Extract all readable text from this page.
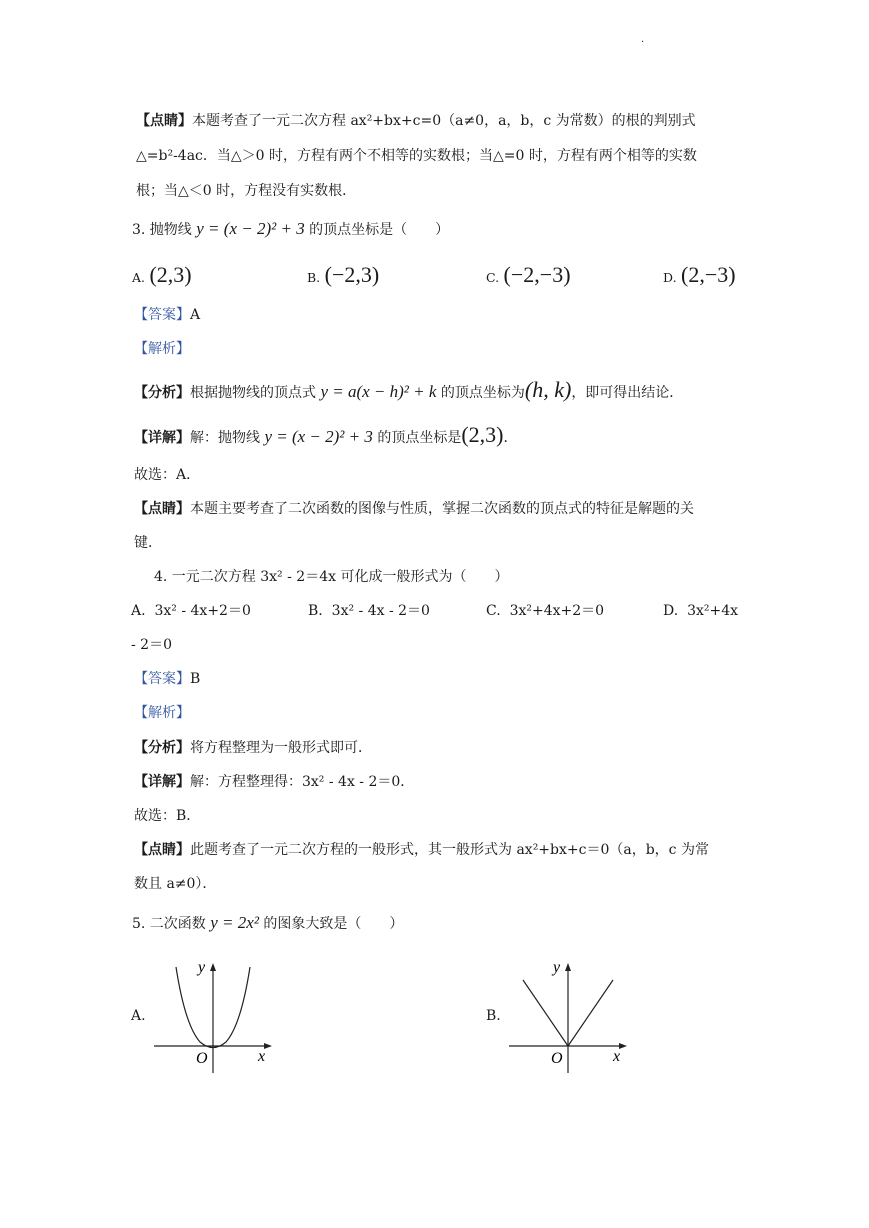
.
【点睛】本题考查了一元二次方程 ax²+bx+c=0（a≠0，a，b，c 为常数）的根的判别式
△=b²-4ac．当△＞0 时，方程有两个不相等的实数根；当△=0 时，方程有两个相等的实数
根；当△＜0 时，方程没有实数根．
3. 抛物线 y = (x − 2)² + 3 的顶点坐标是（　　）
A. (2,3)	B. (−2,3)	C. (−2,−3)	D. (2,−3)
【答案】A
【解析】
【分析】根据抛物线的顶点式 y = a(x − h)² + k 的顶点坐标为(h, k)，即可得出结论．
【详解】解：抛物线 y = (x − 2)² + 3 的顶点坐标是(2,3)．
故选：A．
【点睛】本题主要考查了二次函数的图像与性质，掌握二次函数的顶点式的特征是解题的关
键．
4. 一元二次方程 3x² - 2＝4x 可化成一般形式为（　　）
A. 3x² - 4x+2＝0	B. 3x² - 4x - 2＝0	C. 3x²+4x+2＝0	D. 3x²+4x
- 2＝0
【答案】B
【解析】
【分析】将方程整理为一般形式即可．
【详解】解：方程整理得：3x² - 4x - 2＝0．
故选：B．
【点睛】此题考查了一元二次方程的一般形式，其一般形式为 ax²+bx+c＝0（a，b，c 为常
数且 a≠0）．
5. 二次函数 y = 2x² 的图象大致是（　　）
A.
y
x
O
B.
y
x
O
